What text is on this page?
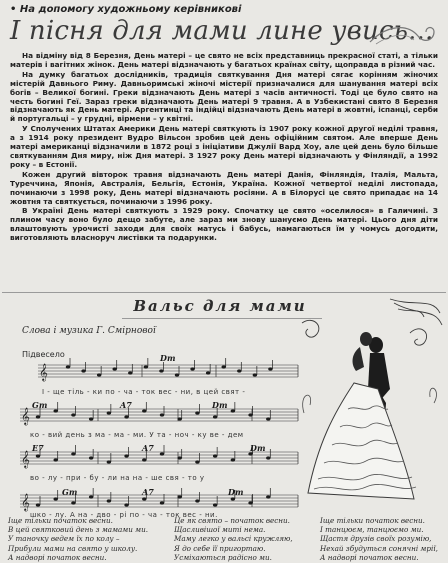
• На допомогу художньому керівникові
І пісня для мами лине увись...

На відміну від 8 Березня, День матері – це свято не всіх представниць прекрасної статі, а тільки матерів і вагітних жінок. День матері відзначають у багатьох країнах світу, щоправда в різний час.

На думку багатьох дослідників, традиція святкування Дня матері сягає корінням жіночих містерій Давнього Риму. Давньоримські жіночі містерії призначалися для шанування матері всіх богів – Великої богині. Греки відзначають День матері з часів античності. Тоді це було свято на честь богині Геї. Зараз греки відзначають День матері 9 травня. А в Узбекистані свято 8 Березня відзначають як День матері. Аргентинці та індійці відзначають День матері в жовтні, іспанці, серби й португальці – у грудні, вірмени – у квітні.

У Сполучених Штатах Америки День матері святкують із 1907 року кожної другої неділі травня, а з 1914 року президент Вудро Вільсон зробив цей день офіційним святом. Але вперше День матері американці відзначили в 1872 році з ініціативи Джулії Вард Хоу, але цей день було більше святкуванням Дня миру, ніж Дня матері. З 1927 року День матері відзначають у Фінляндії, а 1992 року – в Естонії.

Кожен другий вівторок травня відзначають День матері Данія, Фінляндія, Італія, Мальта, Туреччина, Японія, Австралія, Бельгія, Естонія, Україна. Кожної четвертої неділі листопада, починаючи з 1998 року, День матері відзначають росіяни. А в Білорусі це свято припадає на 14 жовтня та святкується, починаючи з 1996 року.

В Україні День матері святкують з 1929 року. Спочатку це свято «оселилося» в Галичині. З плином часу воно було дещо забуте, але зараз ми знову шануємо День матері. Цього дня діти влаштовують урочисті заходи для своїх матусь і бабусь, намагаються їм у чомусь догодити, виготовляють власноруч листівки та подарунки.

Вальс для мами
Слова і музика Г. Смірнової
Підвесело
𝄞
𝄞
𝄞
𝄞
Dm
Gm	A7	Dm
E7	A7	Dm
Gm	A7	Dm
І - ще тіль - ки по - ча - ток вес - ни, в цей свят -
ко - вий день з ма - ма - ми. У та - ноч - ку ве - дем
во - лу - при - бу - ли на на - ше свя - то у
шко - лу. А на - дво - рі по - ча - ток вес - ни.
Іще тільки початок весни.
В цей святковий день з мамами ми.
У таночку ведем їх по колу –
Прибули мами на свято у школу.
А надворі початок весни.
Це як свято – початок весни.
Щасливішої миті нема.
Маму легко у вальсі кружляю,
Я до себе її пригортаю.
Усміхаються радісно ми.
Іще тільки початок весни.
І танцюєм, танцюємо ми.
Щастя друзів своїх розумію,
Нехай збудуться сонячні мрії,
А надворі початок весни.
